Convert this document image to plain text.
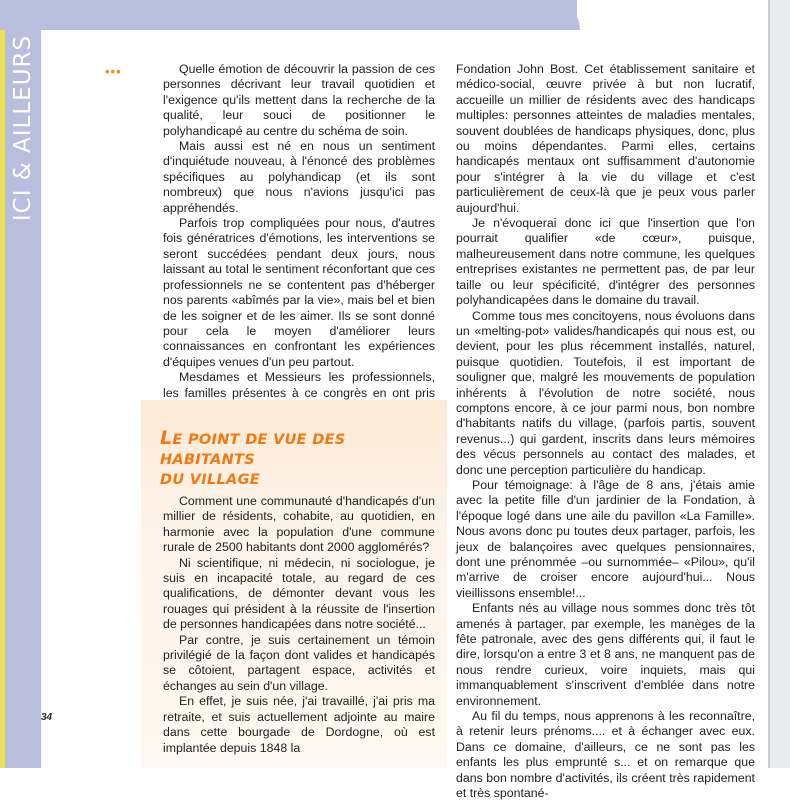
ICI & AILLEURS	•••	Quelle émotion de découvrir la passion de ces personnes décrivant leur travail quotidien et l'exigence qu'ils mettent dans la recherche de la qualité, leur souci de positionner le polyhandicapé au centre du schéma de soin.

Mais aussi est né en nous un sentiment d'inquiétude nouveau, à l'énoncé des problèmes spécifiques au polyhandicap (et ils sont nombreux) que nous n'avions jusqu'ici pas appréhendés.

Parfois trop compliquées pour nous, d'autres fois génératrices d'émotions, les interventions se seront succédées pendant deux jours, nous laissant au total le sentiment réconfortant que ces professionnels ne se contentent pas d'héberger nos parents «abîmés par la vie», mais bel et bien de les soigner et de les aimer. Ils se sont donné pour cela le moyen d'améliorer leurs connaissances en confrontant les expériences d'équipes venues d'un peu partout.

Mesdames et Messieurs les professionnels, les familles présentes à ce congrès en ont pris

LE POINT DE VUE DES HABITANTS
DU VILLAGE

Comment une communauté d'handicapés d'un millier de résidents, cohabite, au quotidien, en harmonie avec la population d'une commune rurale de 2500 habitants dont 2000 agglomérés?

Ni scientifique, ni médecin, ni sociologue, je suis en incapacité totale, au regard de ces qualifications, de démonter devant vous les rouages qui président à la réussite de l'insertion de personnes handicapées dans notre société...

Par contre, je suis certainement un témoin privilégié de la façon dont valides et handicapés se côtoient, partagent espace, activités et échanges au sein d'un village.

En effet, je suis née, j'ai travaillé, j'ai pris ma retraite, et suis actuellement adjointe au maire dans cette bourgade de Dordogne, où est implantée depuis 1848 la

Fondation John Bost. Cet établissement sanitaire et médico-social, œuvre privée à but non lucratif, accueille un millier de résidents avec des handicaps multiples: personnes atteintes de maladies mentales, souvent doublées de handicaps physiques, donc, plus ou moins dépendantes. Parmi elles, certains handicapés mentaux ont suffisamment d'autonomie pour s'intégrer à la vie du village et c'est particulièrement de ceux-là que je peux vous parler aujourd'hui.

Je n'évoquerai donc ici que l'insertion que l'on pourrait qualifier «de cœur», puisque, malheureusement dans notre commune, les quelques entreprises existantes ne permettent pas, de par leur taille ou leur spécificité, d'intégrer des personnes polyhandicapées dans le domaine du travail.

Comme tous mes concitoyens, nous évoluons dans un «melting-pot» valides/handicapés qui nous est, ou devient, pour les plus récemment installés, naturel, puisque quotidien. Toutefois, il est important de souligner que, malgré les mouvements de population inhérents à l'évolution de notre société, nous comptons encore, à ce jour parmi nous, bon nombre d'habitants natifs du village, (parfois partis, souvent revenus...) qui gardent, inscrits dans leurs mémoires des vécus personnels au contact des malades, et donc une perception particulière du handicap.

Pour témoignage: à l'âge de 8 ans, j'étais amie avec la petite fille d'un jardinier de la Fondation, à l'époque logé dans une aile du pavillon «La Famille». Nous avons donc pu toutes deux partager, parfois, les jeux de balançoires avec quelques pensionnaires, dont une prénommée –ou surnommée– «Pilou», qu'il m'arrive de croiser encore aujourd'hui... Nous vieillissons ensemble!...

Enfants nés au village nous sommes donc très tôt amenés à partager, par exemple, les manèges de la fête patronale, avec des gens différents qui, il faut le dire, lorsqu'on a entre 3 et 8 ans, ne manquent pas de nous rendre curieux, voire inquiets, mais qui immanquablement s'inscrivent d'emblée dans notre environnement.

Au fil du temps, nous apprenons à les reconnaître, à retenir leurs prénoms.... et à échanger avec eux. Dans ce domaine, d'ailleurs, ce ne sont pas les enfants les plus emprunté s... et on remarque que dans bon nombre d'activités, ils créent très rapidement et très spontané-

34
